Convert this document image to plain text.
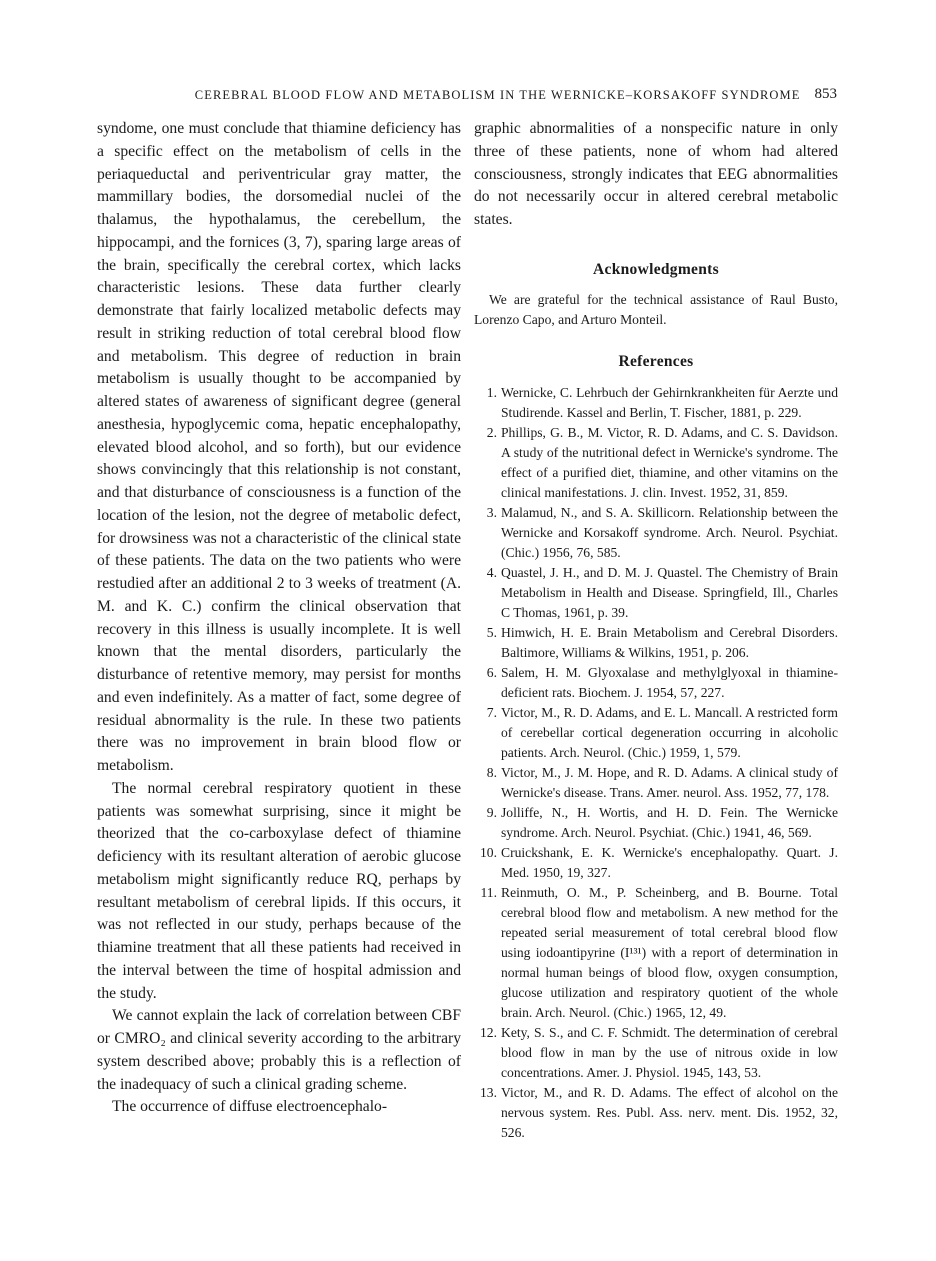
CEREBRAL BLOOD FLOW AND METABOLISM IN THE WERNICKE–KORSAKOFF SYNDROME 853

syndome, one must conclude that thiamine deficiency has a specific effect on the metabolism of cells in the periaqueductal and periventricular gray matter, the mammillary bodies, the dorsomedial nuclei of the thalamus, the hypothalamus, the cerebellum, the hippocampi, and the fornices (3, 7), sparing large areas of the brain, specifically the cerebral cortex, which lacks characteristic lesions. These data further clearly demonstrate that fairly localized metabolic defects may result in striking reduction of total cerebral blood flow and metabolism. This degree of reduction in brain metabolism is usually thought to be accompanied by altered states of awareness of significant degree (general anesthesia, hypoglycemic coma, hepatic encephalopathy, elevated blood alcohol, and so forth), but our evidence shows convincingly that this relationship is not constant, and that disturbance of consciousness is a function of the location of the lesion, not the degree of metabolic defect, for drowsiness was not a characteristic of the clinical state of these patients. The data on the two patients who were restudied after an additional 2 to 3 weeks of treatment (A. M. and K. C.) confirm the clinical observation that recovery in this illness is usually incomplete. It is well known that the mental disorders, particularly the disturbance of retentive memory, may persist for months and even indefinitely. As a matter of fact, some degree of residual abnormality is the rule. In these two patients there was no improvement in brain blood flow or metabolism.

The normal cerebral respiratory quotient in these patients was somewhat surprising, since it might be theorized that the co-carboxylase defect of thiamine deficiency with its resultant alteration of aerobic glucose metabolism might significantly reduce RQ, perhaps by resultant metabolism of cerebral lipids. If this occurs, it was not reflected in our study, perhaps because of the thiamine treatment that all these patients had received in the interval between the time of hospital admission and the study.

We cannot explain the lack of correlation between CBF or CMRO₂ and clinical severity according to the arbitrary system described above; probably this is a reflection of the inadequacy of such a clinical grading scheme.

The occurrence of diffuse electroencephalo-

graphic abnormalities of a nonspecific nature in only three of these patients, none of whom had altered consciousness, strongly indicates that EEG abnormalities do not necessarily occur in altered cerebral metabolic states.

Acknowledgments

We are grateful for the technical assistance of Raul Busto, Lorenzo Capo, and Arturo Monteil.

References
1. Wernicke, C. Lehrbuch der Gehirnkrankheiten für Aerzte und Studirende. Kassel and Berlin, T. Fischer, 1881, p. 229.
2. Phillips, G. B., M. Victor, R. D. Adams, and C. S. Davidson. A study of the nutritional defect in Wernicke's syndrome. The effect of a purified diet, thiamine, and other vitamins on the clinical manifestations. J. clin. Invest. 1952, 31, 859.
3. Malamud, N., and S. A. Skillicorn. Relationship between the Wernicke and Korsakoff syndrome. Arch. Neurol. Psychiat. (Chic.) 1956, 76, 585.
4. Quastel, J. H., and D. M. J. Quastel. The Chemistry of Brain Metabolism in Health and Disease. Springfield, Ill., Charles C Thomas, 1961, p. 39.
5. Himwich, H. E. Brain Metabolism and Cerebral Disorders. Baltimore, Williams & Wilkins, 1951, p. 206.
6. Salem, H. M. Glyoxalase and methylglyoxal in thiamine-deficient rats. Biochem. J. 1954, 57, 227.
7. Victor, M., R. D. Adams, and E. L. Mancall. A restricted form of cerebellar cortical degeneration occurring in alcoholic patients. Arch. Neurol. (Chic.) 1959, 1, 579.
8. Victor, M., J. M. Hope, and R. D. Adams. A clinical study of Wernicke's disease. Trans. Amer. neurol. Ass. 1952, 77, 178.
9. Jolliffe, N., H. Wortis, and H. D. Fein. The Wernicke syndrome. Arch. Neurol. Psychiat. (Chic.) 1941, 46, 569.
10. Cruickshank, E. K. Wernicke's encephalopathy. Quart. J. Med. 1950, 19, 327.
11. Reinmuth, O. M., P. Scheinberg, and B. Bourne. Total cerebral blood flow and metabolism. A new method for the repeated serial measurement of total cerebral blood flow using iodoantipyrine (I¹³¹) with a report of determination in normal human beings of blood flow, oxygen consumption, glucose utilization and respiratory quotient of the whole brain. Arch. Neurol. (Chic.) 1965, 12, 49.
12. Kety, S. S., and C. F. Schmidt. The determination of cerebral blood flow in man by the use of nitrous oxide in low concentrations. Amer. J. Physiol. 1945, 143, 53.
13. Victor, M., and R. D. Adams. The effect of alcohol on the nervous system. Res. Publ. Ass. nerv. ment. Dis. 1952, 32, 526.
